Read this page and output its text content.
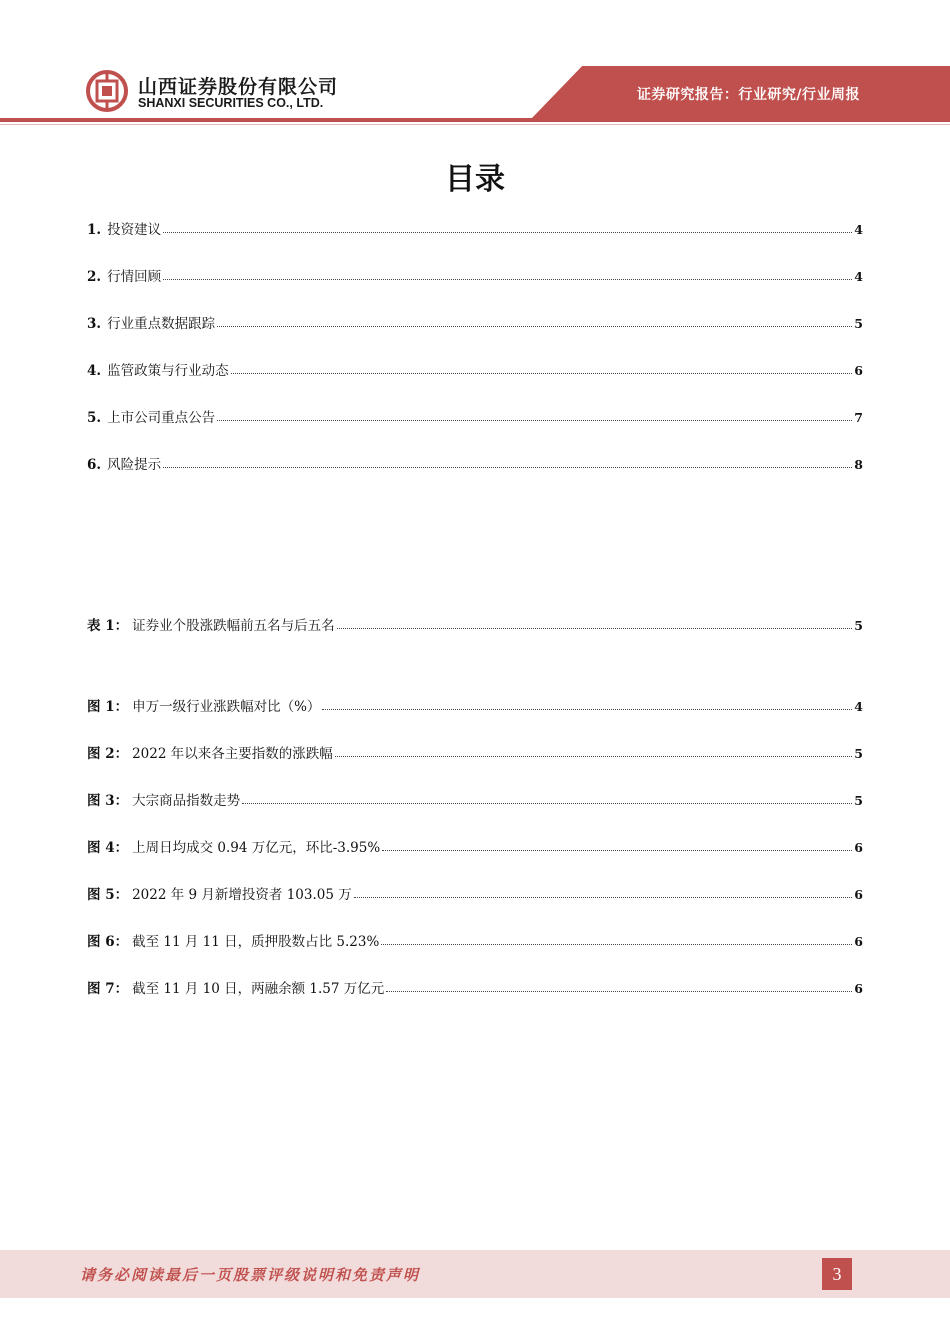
山西证券股份有限公司
SHANXI SECURITIES CO., LTD.	证券研究报告：行业研究/行业周报
目录
1. 投资建议	4
2. 行情回顾	4
3. 行业重点数据跟踪	5
4. 监管政策与行业动态	6
5. 上市公司重点公告	7
6. 风险提示	8
表 1： 证券业个股涨跌幅前五名与后五名	5
图 1： 申万一级行业涨跌幅对比（%）	4
图 2： 2022 年以来各主要指数的涨跌幅	5
图 3： 大宗商品指数走势	5
图 4： 上周日均成交 0.94 万亿元，环比-3.95%	6
图 5： 2022 年 9 月新增投资者 103.05 万	6
图 6： 截至 11 月 11 日，质押股数占比 5.23%	6
图 7： 截至 11 月 10 日，两融余额 1.57 万亿元	6
请务必阅读最后一页股票评级说明和免责声明	3
